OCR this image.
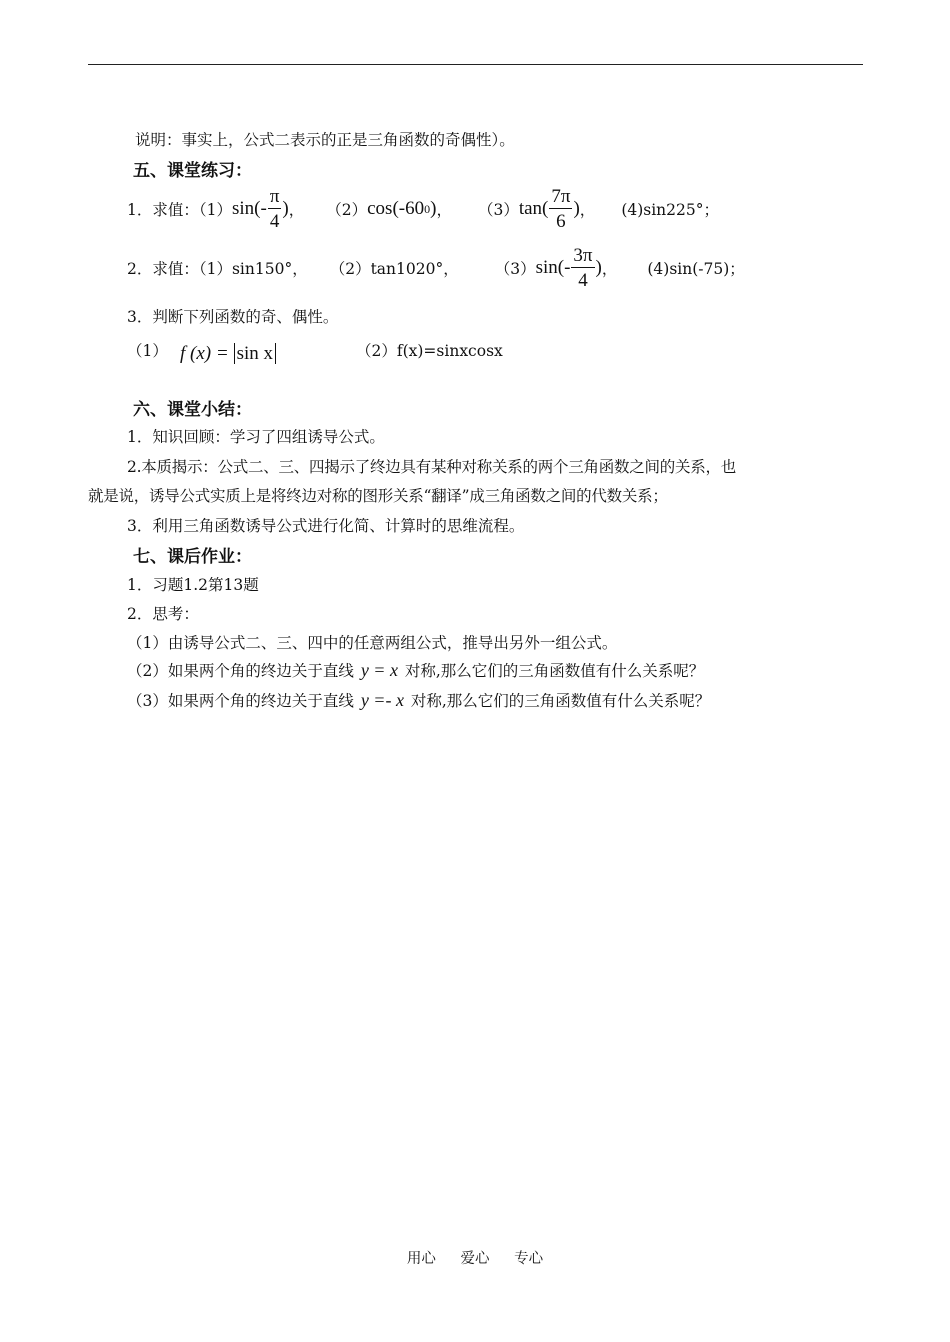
说明：事实上，公式二表示的正是三角函数的奇偶性）。
五、课堂练习：
1．求值：（1） $\sin(- \frac{\pi}{4}$ ) ， （2） cos(-60 0 ) ， （3） $\tan( \frac{7\pi}{6}$ ) ， (4)sin225°；
2．求值：（1）sin150°， （2）tan1020°， （3） $\sin(- \frac{3\pi}{4}$ ) ， (4)sin(-75)；
3．判断下列函数的奇、偶性。
（1） f (x) = sin x	（2）f(x)=sinxcosx
六、课堂小结：
1．知识回顾：学习了四组诱导公式。
2.本质揭示：公式二、三、四揭示了终边具有某种对称关系的两个三角函数之间的关系，也
就是说，诱导公式实质上是将终边对称的图形关系“翻译”成三角函数之间的代数关系；
3．利用三角函数诱导公式进行化简、计算时的思维流程。
七、课后作业：
1．习题1.2第13题
2．思考：
（1）由诱导公式二、三、四中的任意两组公式，推导出另外一组公式。
（2）如果两个角的终边关于直线 y = x 对称,那么它们的三角函数值有什么关系呢？
（3）如果两个角的终边关于直线 y =- x 对称,那么它们的三角函数值有什么关系呢？
用心 爱心 专心
